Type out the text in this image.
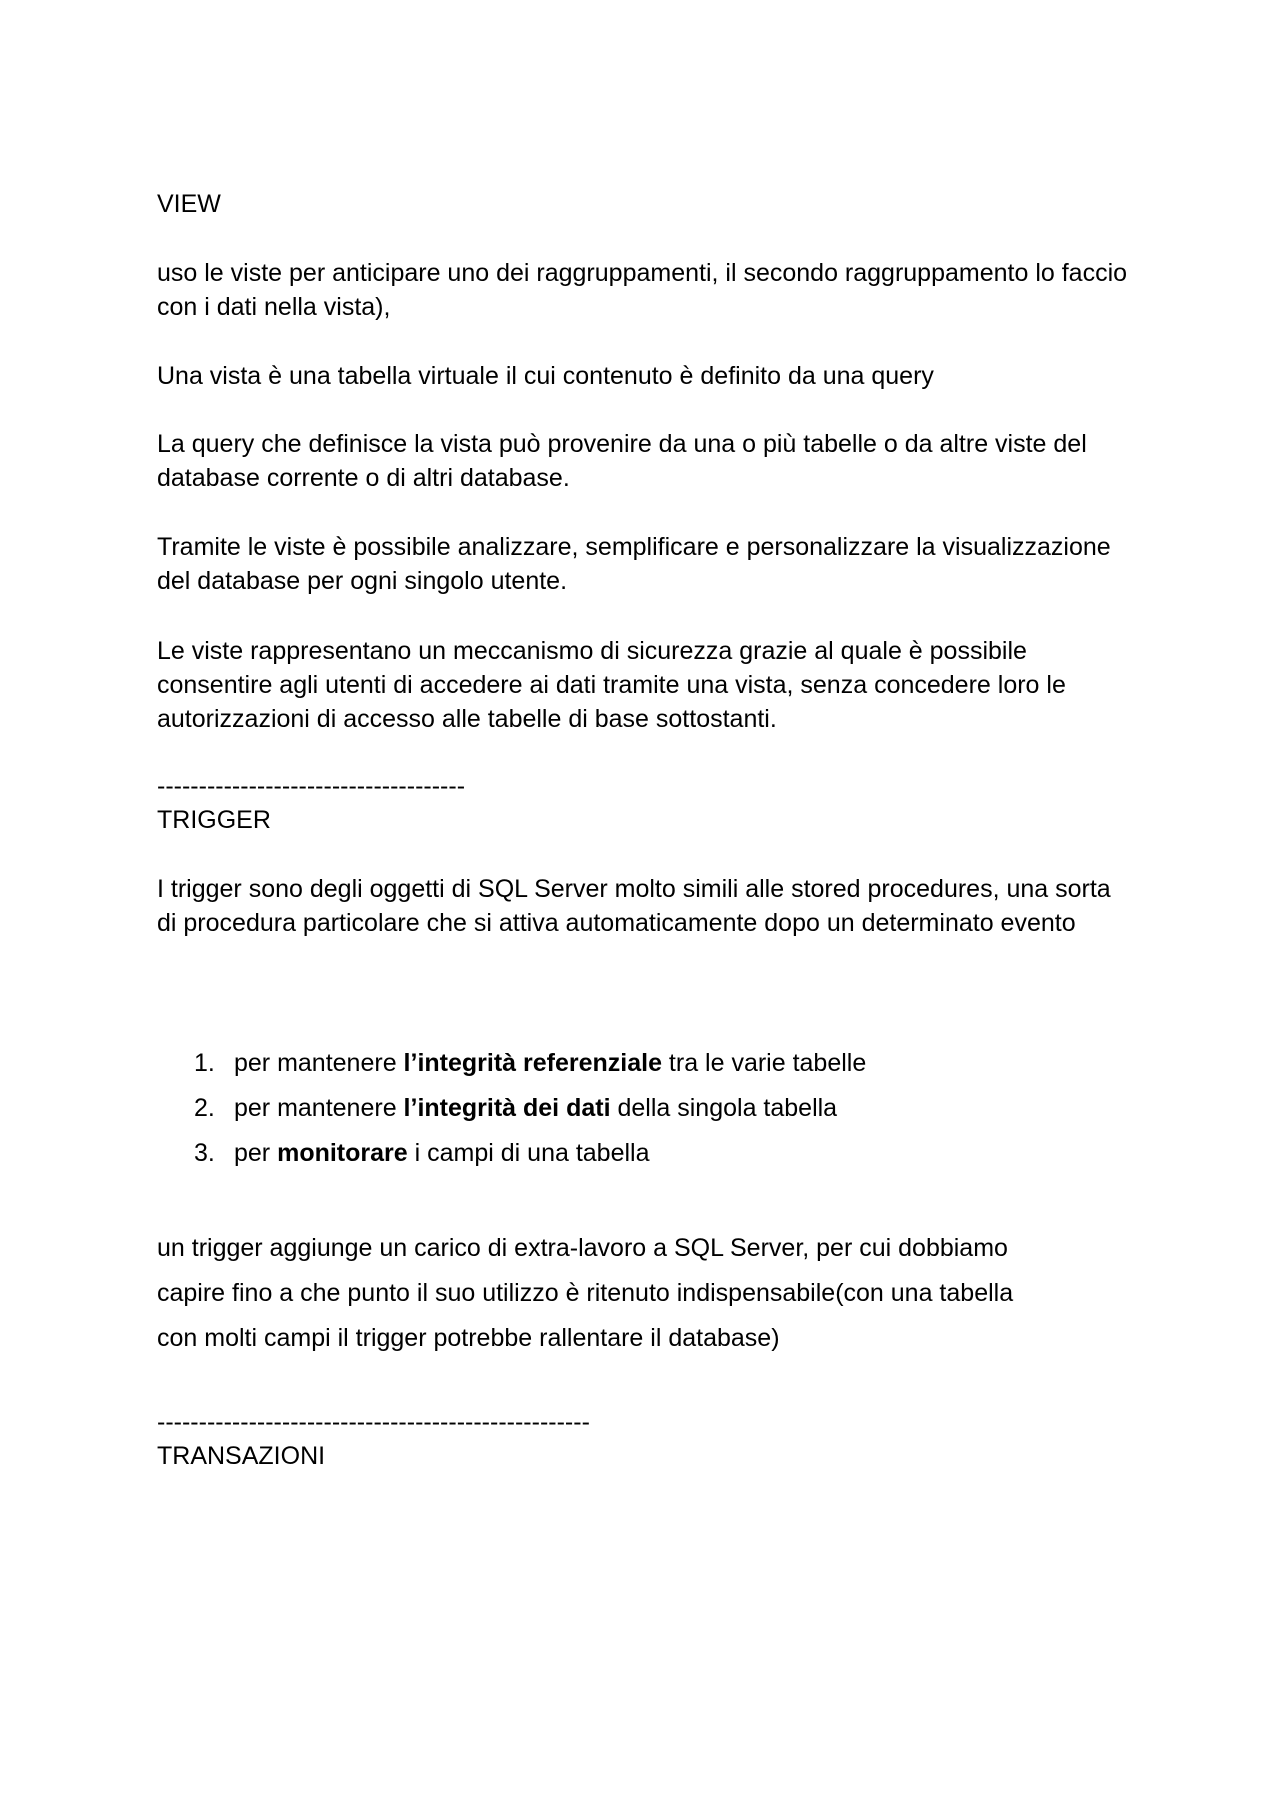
VIEW

uso le viste per anticipare uno dei raggruppamenti, il secondo raggruppamento lo faccio con i dati nella vista),

Una vista è una tabella virtuale il cui contenuto è definito da una query

La query che definisce la vista può provenire da una o più tabelle o da altre viste del database corrente o di altri database.

Tramite le viste è possibile analizzare, semplificare e personalizzare la visualizzazione del database per ogni singolo utente.

Le viste rappresentano un meccanismo di sicurezza grazie al quale è possibile consentire agli utenti di accedere ai dati tramite una vista, senza concedere loro le autorizzazioni di accesso alle tabelle di base sottostanti.

-------------------------------------

TRIGGER

I trigger sono degli oggetti di SQL Server molto simili alle stored procedures, una sorta di procedura particolare che si attiva automaticamente dopo un determinato evento

1. per mantenere l’integrità referenziale tra le varie tabelle
2. per mantenere l’integrità dei dati della singola tabella
3. per monitorare i campi di una tabella

un trigger aggiunge un carico di extra-lavoro a SQL Server, per cui dobbiamo

capire fino a che punto il suo utilizzo è ritenuto indispensabile(con una tabella

con molti campi il trigger potrebbe rallentare il database)

----------------------------------------------------

TRANSAZIONI
